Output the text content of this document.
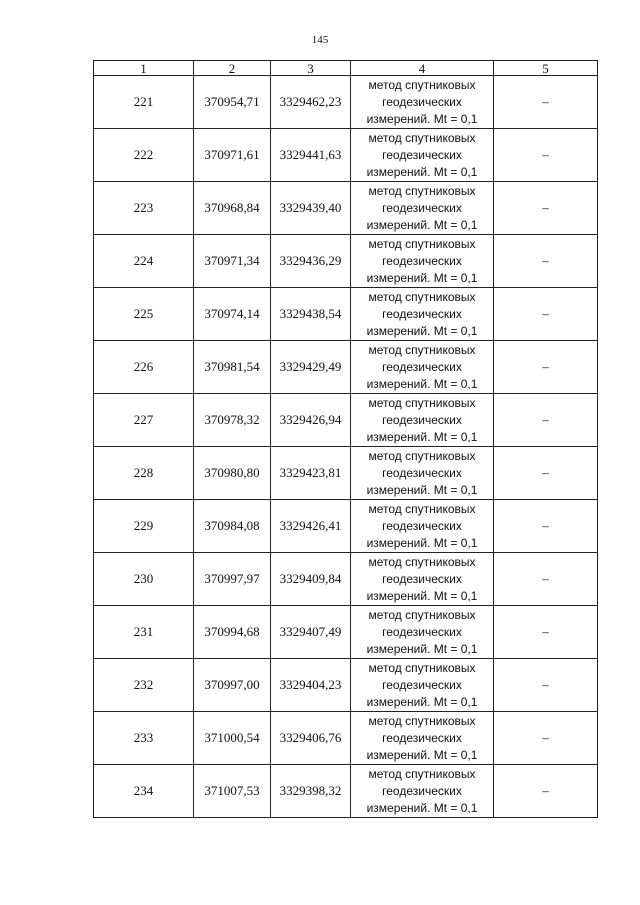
145
1	2	3	4	5
221	370954,71	3329462,23	метод спутниковых
геодезических
измерений. Mt = 0,1	–
222	370971,61	3329441,63	метод спутниковых
геодезических
измерений. Mt = 0,1	–
223	370968,84	3329439,40	метод спутниковых
геодезических
измерений. Mt = 0,1	–
224	370971,34	3329436,29	метод спутниковых
геодезических
измерений. Mt = 0,1	–
225	370974,14	3329438,54	метод спутниковых
геодезических
измерений. Mt = 0,1	–
226	370981,54	3329429,49	метод спутниковых
геодезических
измерений. Mt = 0,1	–
227	370978,32	3329426,94	метод спутниковых
геодезических
измерений. Mt = 0,1	–
228	370980,80	3329423,81	метод спутниковых
геодезических
измерений. Mt = 0,1	–
229	370984,08	3329426,41	метод спутниковых
геодезических
измерений. Mt = 0,1	–
230	370997,97	3329409,84	метод спутниковых
геодезических
измерений. Mt = 0,1	–
231	370994,68	3329407,49	метод спутниковых
геодезических
измерений. Mt = 0,1	–
232	370997,00	3329404,23	метод спутниковых
геодезических
измерений. Mt = 0,1	–
233	371000,54	3329406,76	метод спутниковых
геодезических
измерений. Mt = 0,1	–
234	371007,53	3329398,32	метод спутниковых
геодезических
измерений. Mt = 0,1	–
